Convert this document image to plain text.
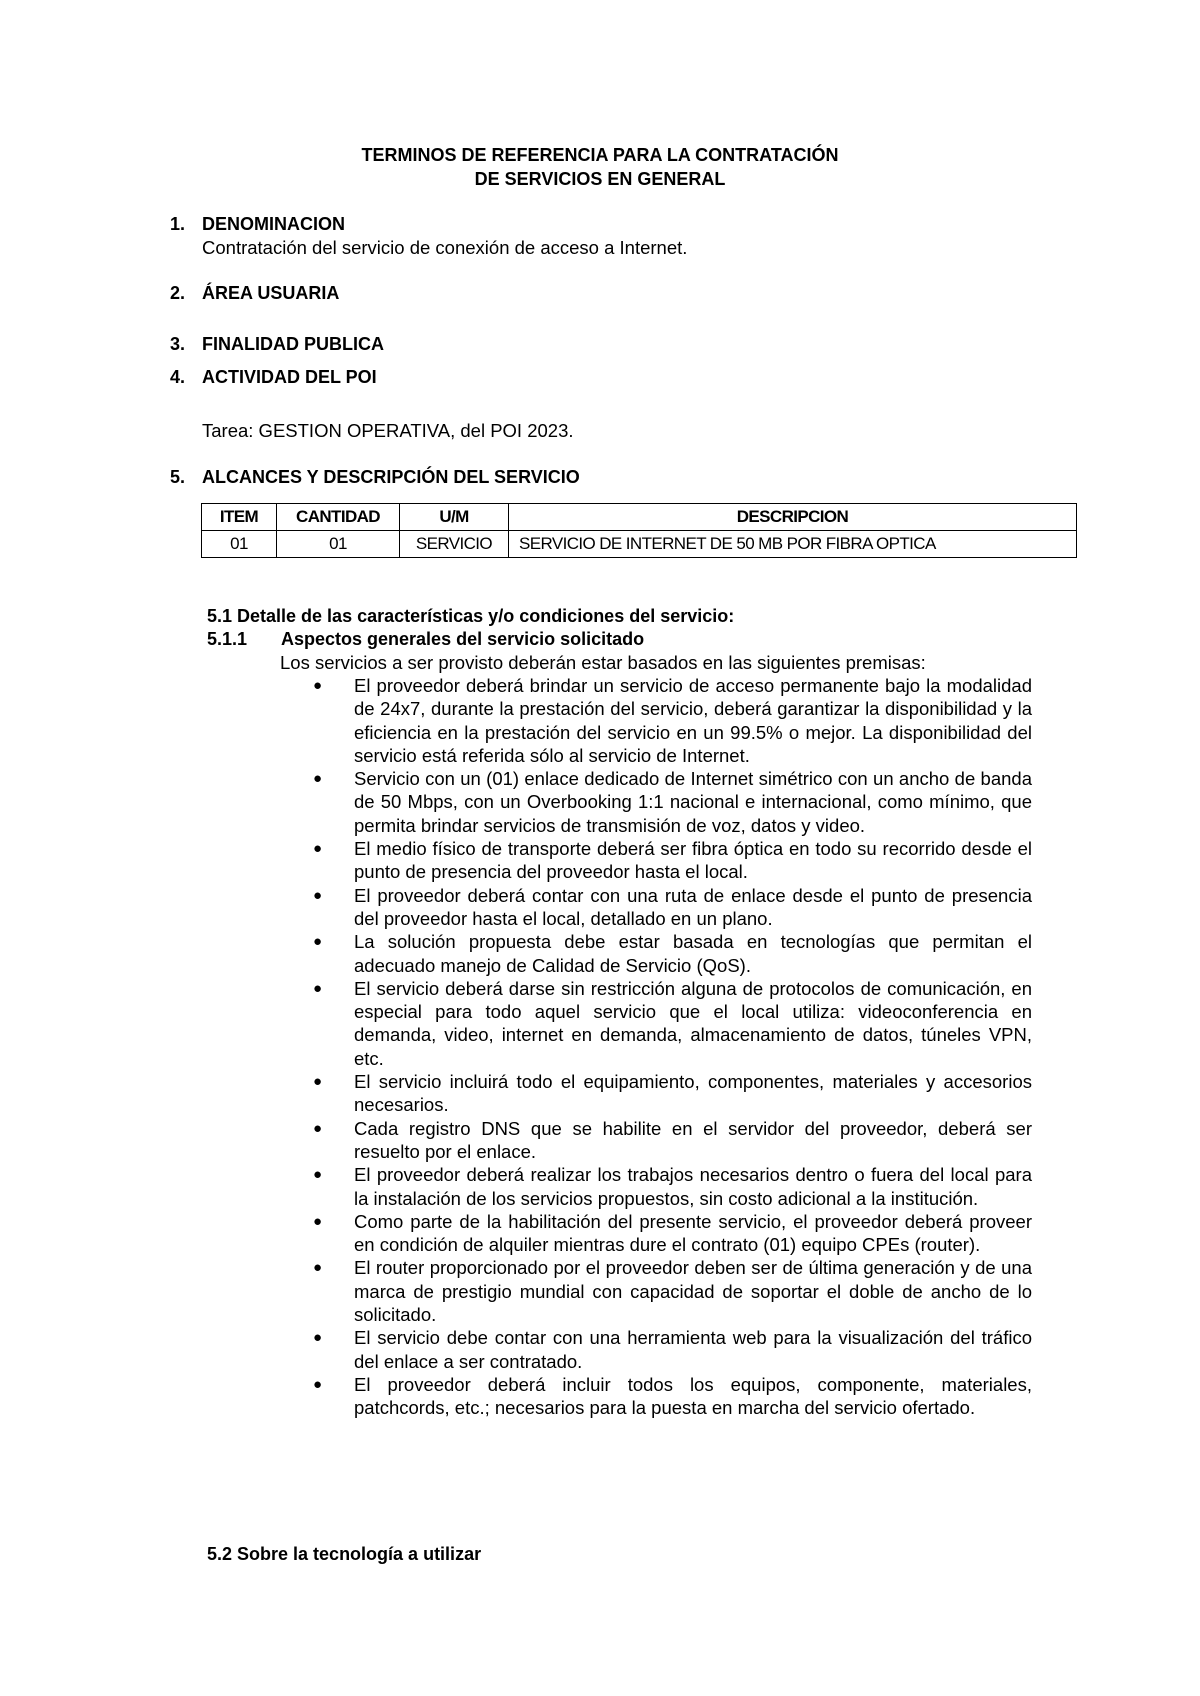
TERMINOS DE REFERENCIA PARA LA CONTRATACIÓN
DE SERVICIOS EN GENERAL
1. DENOMINACION
Contratación del servicio de conexión de acceso a Internet.
2. ÁREA USUARIA
3. FINALIDAD PUBLICA
4. ACTIVIDAD DEL POI
Tarea: GESTION OPERATIVA, del POI 2023.
5. ALCANCES Y DESCRIPCIÓN DEL SERVICIO
ITEM	CANTIDAD	U/M	DESCRIPCION
01	01	SERVICIO	SERVICIO DE INTERNET DE 50 MB POR FIBRA OPTICA
5.1 Detalle de las características y/o condiciones del servicio:
5.1.1 Aspectos generales del servicio solicitado
Los servicios a ser provisto deberán estar basados en las siguientes premisas:
● El proveedor deberá brindar un servicio de acceso permanente bajo la modalidad de 24x7, durante la prestación del servicio, deberá garantizar la disponibilidad y la eficiencia en la prestación del servicio en un 99.5% o mejor. La disponibilidad del servicio está referida sólo al servicio de Internet.
● Servicio con un (01) enlace dedicado de Internet simétrico con un ancho de banda de 50 Mbps, con un Overbooking 1:1 nacional e internacional, como mínimo, que permita brindar servicios de transmisión de voz, datos y video.
● El medio físico de transporte deberá ser fibra óptica en todo su recorrido desde el punto de presencia del proveedor hasta el local.
● El proveedor deberá contar con una ruta de enlace desde el punto de presencia del proveedor hasta el local, detallado en un plano.
● La solución propuesta debe estar basada en tecnologías que permitan el adecuado manejo de Calidad de Servicio (QoS).
● El servicio deberá darse sin restricción alguna de protocolos de comunicación, en especial para todo aquel servicio que el local utiliza: videoconferencia en demanda, video, internet en demanda, almacenamiento de datos, túneles VPN, etc.
● El servicio incluirá todo el equipamiento, componentes, materiales y accesorios necesarios.
● Cada registro DNS que se habilite en el servidor del proveedor, deberá ser resuelto por el enlace.
● El proveedor deberá realizar los trabajos necesarios dentro o fuera del local para la instalación de los servicios propuestos, sin costo adicional a la institución.
● Como parte de la habilitación del presente servicio, el proveedor deberá proveer en condición de alquiler mientras dure el contrato (01) equipo CPEs (router).
● El router proporcionado por el proveedor deben ser de última generación y de una marca de prestigio mundial con capacidad de soportar el doble de ancho de lo solicitado.
● El servicio debe contar con una herramienta web para la visualización del tráfico del enlace a ser contratado.
● El proveedor deberá incluir todos los equipos, componente, materiales, patchcords, etc.; necesarios para la puesta en marcha del servicio ofertado.
5.2 Sobre la tecnología a utilizar
